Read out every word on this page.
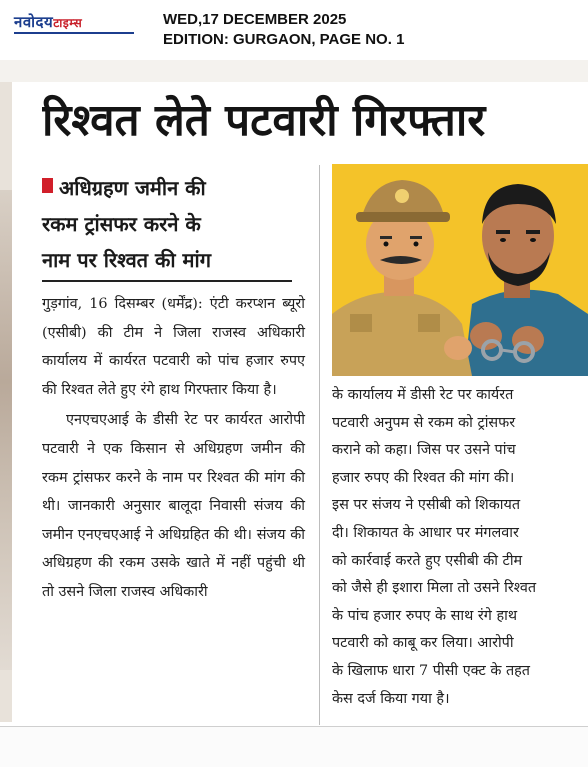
नवोदयटाइम्स	WED,17 DECEMBER 2025
EDITION: GURGAON, PAGE NO. 1
रिश्वत लेते पटवारी गिरफ्तार
अधिग्रहण जमीन की
रकम ट्रांसफर करने के
नाम पर रिश्वत की मांग

गुड़गांव, 16 दिसम्बर (धर्मेंद्र): एंटी करप्शन ब्यूरो (एसीबी) की टीम ने जिला राजस्व अधिकारी कार्यालय में कार्यरत पटवारी को पांच हजार रुपए की रिश्वत लेते हुए रंगे हाथ गिरफ्तार किया है।

एनएचएआई के डीसी रेट पर कार्यरत आरोपी पटवारी ने एक किसान से अधिग्रहण जमीन की रकम ट्रांसफर करने के नाम पर रिश्वत की मांग की थी। जानकारी अनुसार बालूदा निवासी संजय की जमीन एनएचएआई ने अधिग्रहित की थी। संजय की अधिग्रहण की रकम उसके खाते में नहीं पहुंची थी तो उसने जिला राजस्व अधिकारी

के कार्यालय में डीसी रेट पर कार्यरत
पटवारी अनुपम से रकम को ट्रांसफर
कराने को कहा। जिस पर उसने पांच
हजार रुपए की रिश्वत की मांग की।
इस पर संजय ने एसीबी को शिकायत
दी। शिकायत के आधार पर मंगलवार
को कार्रवाई करते हुए एसीबी की टीम
को जैसे ही इशारा मिला तो उसने रिश्वत
के पांच हजार रुपए के साथ रंगे हाथ
पटवारी को काबू कर लिया। आरोपी
के खिलाफ धारा 7 पीसी एक्ट के तहत
केस दर्ज किया गया है।
